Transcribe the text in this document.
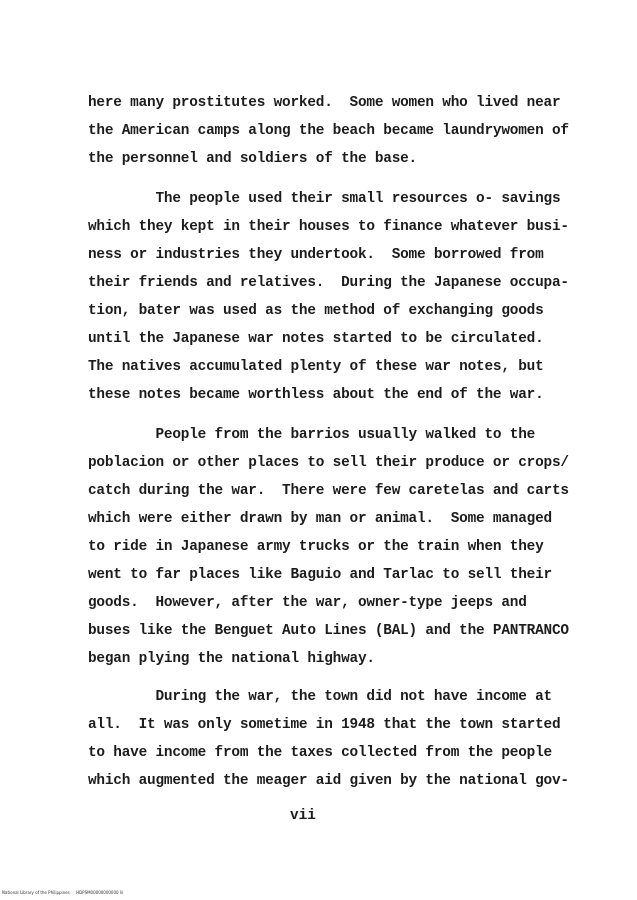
here many prostitutes worked.  Some women who lived near
the American camps along the beach became laundrywomen of
the personnel and soldiers of the base.
The people used their small resources o‑ savings
which they kept in their houses to finance whatever busi-
ness or industries they undertook.  Some borrowed from
their friends and relatives.  During the Japanese occupa-
tion, bater was used as the method of exchanging goods
until the Japanese war notes started to be circulated.
The natives accumulated plenty of these war notes, but
these notes became worthless about the end of the war.
People from the barrios usually walked to the
poblacion or other places to sell their produce or crops/
catch during the war.  There were few caretelas and carts
which were either drawn by man or animal.  Some managed
to ride in Japanese army trucks or the train when they
went to far places like Baguio and Tarlac to sell their
goods.  However, after the war, owner-type jeeps and
buses like the Benguet Auto Lines (BAL) and the PANTRANCO
began plying the national highway.
During the war, the town did not have income at
all.  It was only sometime in 1948 that the town started
to have income from the taxes collected from the people
which augmented the meager aid given by the national gov-
vii
National Library of the Philippines     HDPSM00000000000 lii
